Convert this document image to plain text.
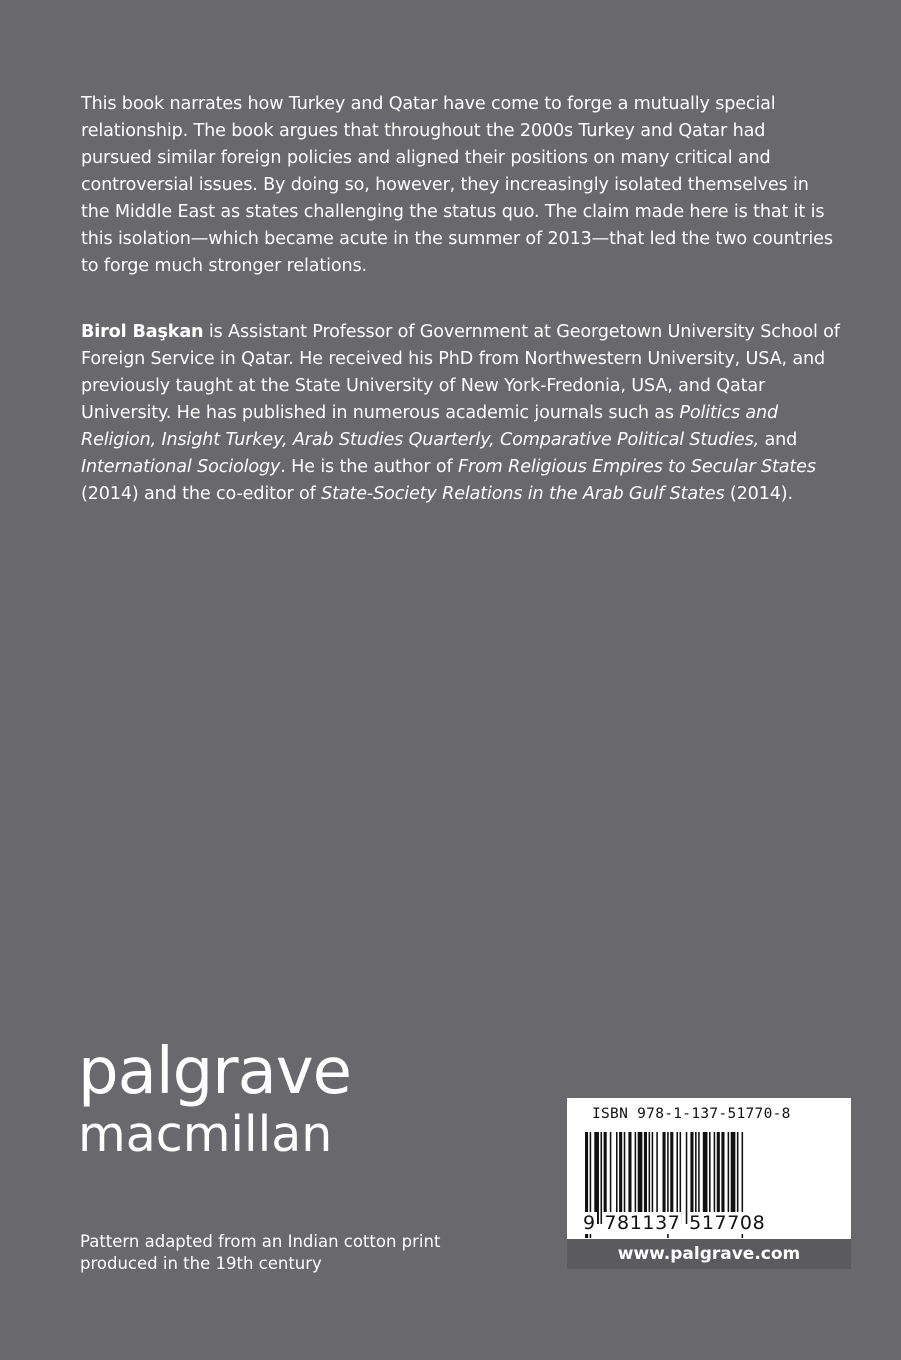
This book narrates how Turkey and Qatar have come to forge a mutually special relationship. The book argues that throughout the 2000s Turkey and Qatar had pursued similar foreign policies and aligned their positions on many critical and controversial issues. By doing so, however, they increasingly isolated themselves in the Middle East as states challenging the status quo. The claim made here is that it is this isolation—which became acute in the summer of 2013—that led the two countries to forge much stronger relations.

Birol Başkan is Assistant Professor of Government at Georgetown University School of Foreign Service in Qatar. He received his PhD from Northwestern University, USA, and previously taught at the State University of New York-Fredonia, USA, and Qatar University. He has published in numerous academic journals such as Politics and Religion, Insight Turkey, Arab Studies Quarterly, Comparative Political Studies, and International Sociology. He is the author of From Religious Empires to Secular States (2014) and the co-editor of State-Society Relations in the Arab Gulf States (2014).

palgrave
macmillan

Pattern adapted from an Indian cotton print produced in the 19th century

ISBN 978-1-137-51770-8
9 781137 517708
www.palgrave.com
